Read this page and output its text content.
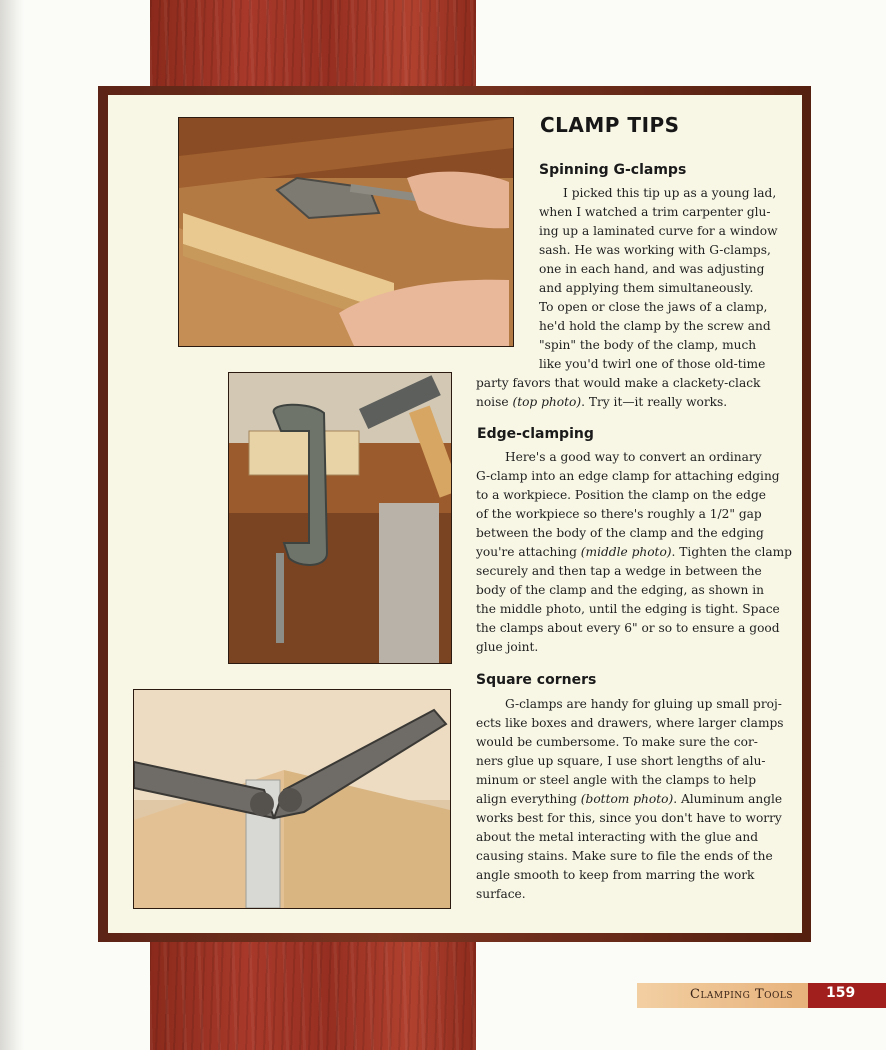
CLAMP TIPS
Spinning G-clamps
I picked this tip up as a young lad,
when I watched a trim carpenter glu-
ing up a laminated curve for a window
sash. He was working with G-clamps,
one in each hand, and was adjusting
and applying them simultaneously.
To open or close the jaws of a clamp,
he'd hold the clamp by the screw and
"spin" the body of the clamp, much
like you'd twirl one of those old-time
party favors that would make a clackety-clack
noise (top photo). Try it—it really works.
Edge-clamping
Here's a good way to convert an ordinary
G-clamp into an edge clamp for attaching edging
to a workpiece. Position the clamp on the edge
of the workpiece so there's roughly a 1/2" gap
between the body of the clamp and the edging
you're attaching (middle photo). Tighten the clamp
securely and then tap a wedge in between the
body of the clamp and the edging, as shown in
the middle photo, until the edging is tight. Space
the clamps about every 6" or so to ensure a good
glue joint.
Square corners
G-clamps are handy for gluing up small proj-
ects like boxes and drawers, where larger clamps
would be cumbersome. To make sure the cor-
ners glue up square, I use short lengths of alu-
minum or steel angle with the clamps to help
align everything (bottom photo). Aluminum angle
works best for this, since you don't have to worry
about the metal interacting with the glue and
causing stains. Make sure to file the ends of the
angle smooth to keep from marring the work
surface.
Clamping Tools 159
